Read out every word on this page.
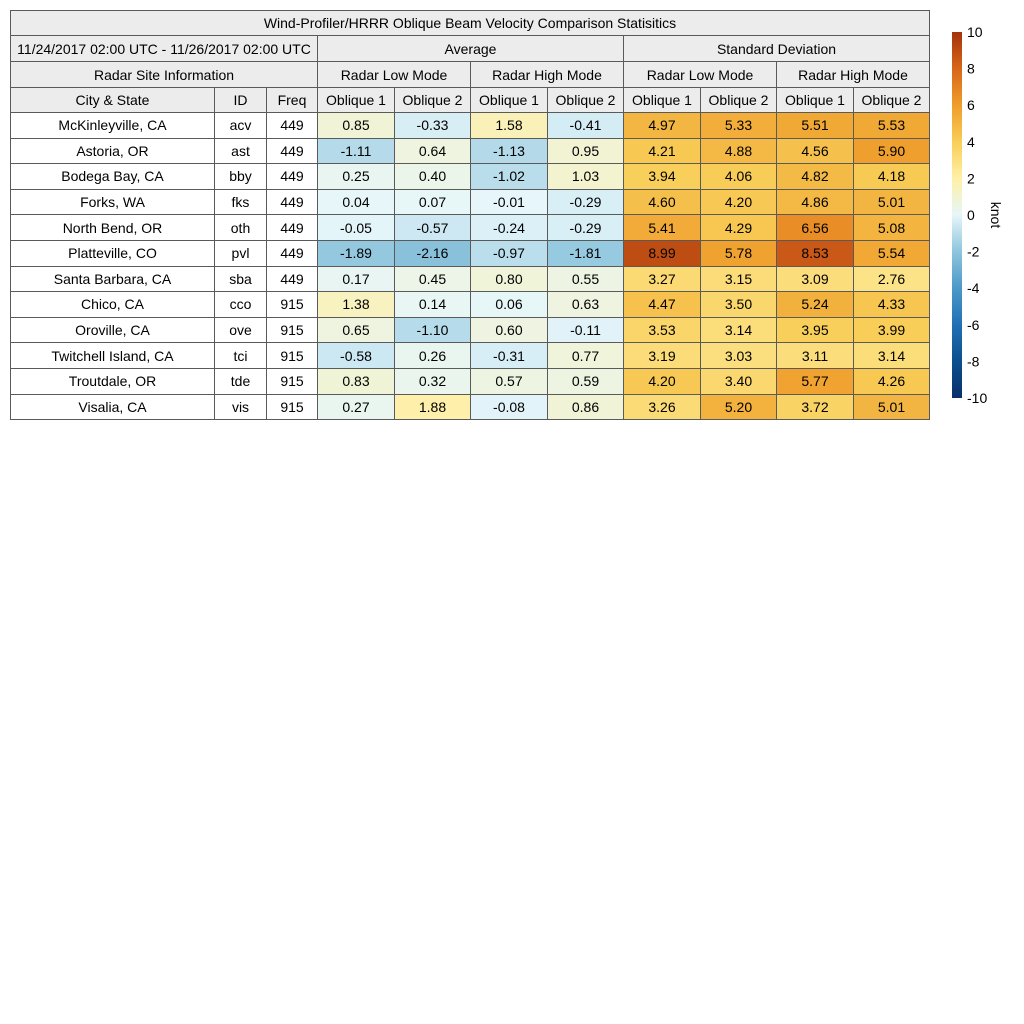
Wind-Profiler/HRRR Oblique Beam Velocity Comparison Statisitics										
11/24/2017 02:00 UTC - 11/26/2017 02:00 UTC			Average				Standard Deviation			
Radar Site Information			Radar Low Mode		Radar High Mode		Radar Low Mode		Radar High Mode	
City & State	ID	Freq	Oblique 1	Oblique 2	Oblique 1	Oblique 2	Oblique 1	Oblique 2	Oblique 1	Oblique 2
McKinleyville, CA	acv	449	0.85	-0.33	1.58	-0.41	4.97	5.33	5.51	5.53
Astoria, OR	ast	449	-1.11	0.64	-1.13	0.95	4.21	4.88	4.56	5.90
Bodega Bay, CA	bby	449	0.25	0.40	-1.02	1.03	3.94	4.06	4.82	4.18
Forks, WA	fks	449	0.04	0.07	-0.01	-0.29	4.60	4.20	4.86	5.01
North Bend, OR	oth	449	-0.05	-0.57	-0.24	-0.29	5.41	4.29	6.56	5.08
Platteville, CO	pvl	449	-1.89	-2.16	-0.97	-1.81	8.99	5.78	8.53	5.54
Santa Barbara, CA	sba	449	0.17	0.45	0.80	0.55	3.27	3.15	3.09	2.76
Chico, CA	cco	915	1.38	0.14	0.06	0.63	4.47	3.50	5.24	4.33
Oroville, CA	ove	915	0.65	-1.10	0.60	-0.11	3.53	3.14	3.95	3.99
Twitchell Island, CA	tci	915	-0.58	0.26	-0.31	0.77	3.19	3.03	3.11	3.14
Troutdale, OR	tde	915	0.83	0.32	0.57	0.59	4.20	3.40	5.77	4.26
Visalia, CA	vis	915	0.27	1.88	-0.08	0.86	3.26	5.20	3.72	5.01
10
8
6
4
2
0
-2
-4
-6
-8
-10
knot
